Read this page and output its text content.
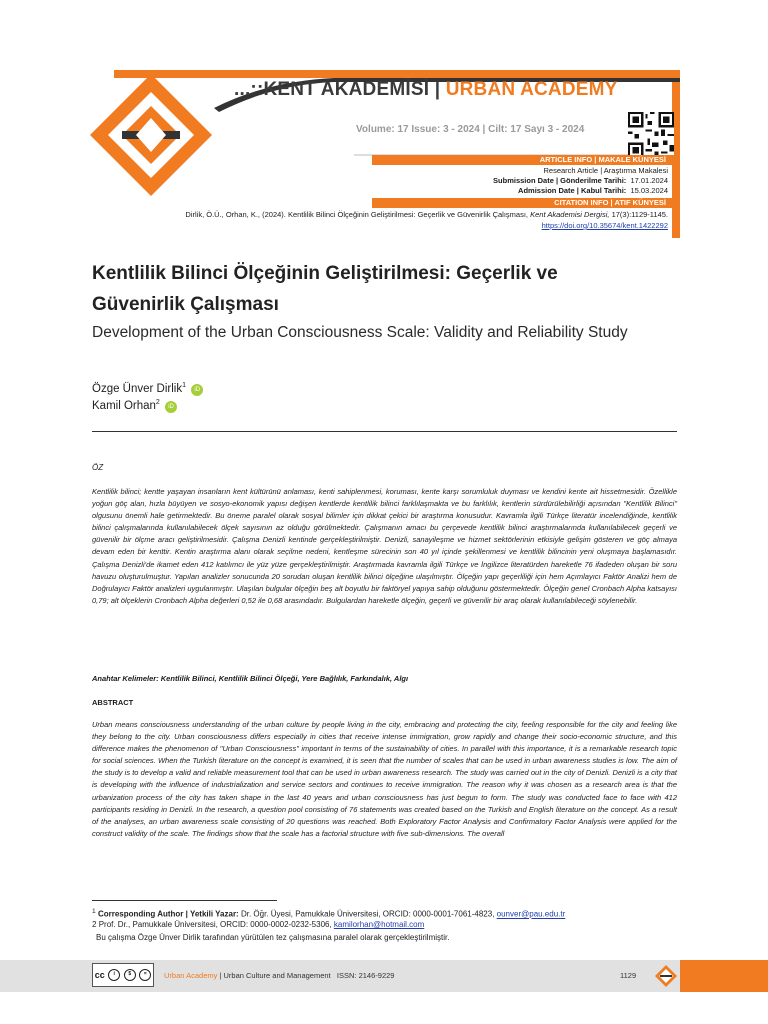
...::KENT AKADEMİSİ | URBAN ACADEMY
Volume: 17 Issue: 3 - 2024 | Cilt: 17 Sayı 3 - 2024
ARTICLE INFO | MAKALE KÜNYESİ
Research Article | Araştırma Makalesi
Submission Date | Gönderilme Tarihi: 17.01.2024
Admission Date | Kabul Tarihi: 15.03.2024
CITATION INFO | ATIF KÜNYESİ
Dirlik, Ö.Ü., Orhan, K., (2024). Kentlilik Bilinci Ölçeğinin Geliştirilmesi: Geçerlik ve Güvenirlik Çalışması, Kent Akademisi Dergisi, 17(3):1129-1145.
https://doi.org/10.35674/kent.1422292
Kentlilik Bilinci Ölçeğinin Geliştirilmesi: Geçerlik ve Güvenirlik Çalışması
Development of the Urban Consciousness Scale: Validity and Reliability Study
Özge Ünver Dirlik$^1$ iD
Kamil Orhan$^2$ iD
ÖZ
Kentlilik bilinci; kentte yaşayan insanların kent kültürünü anlaması, kenti sahiplenmesi, koruması, kente karşı sorumluluk duyması ve kendini kente ait hissetmesidir. Özellikle yoğun göç alan, hızla büyüyen ve sosyo-ekonomik yapısı değişen kentlerde kentlilik bilinci farklılaşmakta ve bu farklılık, kentlerin sürdürülebilirliği açısından "Kentlilik Bilinci" olgusunu önemli hale getirmektedir. Bu öneme paralel olarak sosyal bilimler için dikkat çekici bir araştırma konusudur. Kavramla ilgili Türkçe literatür incelendiğinde, kentlilik bilinci çalışmalarında kullanılabilecek ölçek sayısının az olduğu görülmektedir. Çalışmanın amacı bu çerçevede kentlilik bilinci araştırmalarında kullanılabilecek geçerli ve güvenilir bir ölçme aracı geliştirilmesidir. Çalışma Denizli kentinde gerçekleştirilmiştir. Denizli, sanayileşme ve hizmet sektörlerinin etkisiyle gelişim gösteren ve göç almaya devam eden bir kenttir. Kentin araştırma alanı olarak seçilme nedeni, kentleşme sürecinin son 40 yıl içinde şekillenmesi ve kentlilik bilincinin yeni oluşmaya başlamasıdır. Çalışma Denizli'de ikamet eden 412 katılımcı ile yüz yüze gerçekleştirilmiştir. Araştırmada kavramla ilgili Türkçe ve İngilizce literatürden hareketle 76 ifadeden oluşan bir soru havuzu oluşturulmuştur. Yapılan analizler sonucunda 20 sorudan oluşan kentlilik bilinci ölçeğine ulaşılmıştır. Ölçeğin yapı geçerliliği için hem Açımlayıcı Faktör Analizi hem de Doğrulayıcı Faktör analizleri uygulanmıştır. Ulaşılan bulgular ölçeğin beş alt boyutlu bir faktöryel yapıya sahip olduğunu göstermektedir. Ölçeğin genel Cronbach Alpha katsayısı 0,79; alt ölçeklerin Cronbach Alpha değerleri 0,52 ile 0,68 arasındadır. Bulgulardan hareketle ölçeğin, geçerli ve güvenilir bir araç olarak kullanılabileceği söylenebilir.
Anahtar Kelimeler: Kentlilik Bilinci, Kentlilik Bilinci Ölçeği, Yere Bağlılık, Farkındalık, Algı
ABSTRACT
Urban means consciousness understanding of the urban culture by people living in the city, embracing and protecting the city, feeling responsible for the city and feeling like they belong to the city. Urban consciousness differs especially in cities that receive intense immigration, grow rapidly and change their socio-economic structure, and this difference makes the phenomenon of "Urban Consciousness" important in terms of the sustainability of cities. In parallel with this importance, it is a remarkable research topic for social sciences. When the Turkish literature on the concept is examined, it is seen that the number of scales that can be used in urban awareness studies is low. The aim of the study is to develop a valid and reliable measurement tool that can be used in urban awareness research. The study was carried out in the city of Denizli. Denizli is a city that is developing with the influence of industrialization and service sectors and continues to receive immigration. The reason why it was chosen as a research area is that the urbanization process of the city has taken shape in the last 40 years and urban consciousness has just begun to form. The study was conducted face to face with 412 participants residing in Denizli. In the research, a question pool consisting of 76 statements was created based on the Turkish and English literature on the concept. As a result of the analyses, an urban awareness scale consisting of 20 questions was reached. Both Exploratory Factor Analysis and Confirmatory Factor Analysis were applied for the construct validity of the scale. The findings show that the scale has a factorial structure with five sub-dimensions. The overall
$^1$ Corresponding Author | Yetkili Yazar: Dr. Öğr. Üyesi, Pamukkale Üniversitesi, ORCID: 0000-0001-7061-4823, ounver@pau.edu.tr
2 Prof. Dr., Pamukkale Üniversitesi, ORCID: 0000-0002-0232-5306, kamilorhan@hotmail.com
Bu çalışma Özge Ünver Dirlik tarafından yürütülen tez çalışmasına paralel olarak gerçekleştirilmiştir.
cc	i	$	=	Urban Academy | Urban Culture and Management ISSN: 2146-9229	1129
